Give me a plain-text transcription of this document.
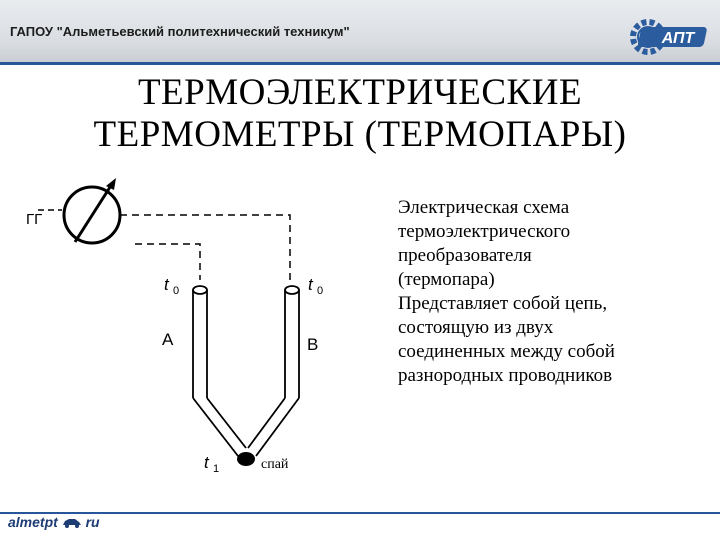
ГАПОУ "Альметьевский политехнический техникум"	АПТ
ТЕРМОЭЛЕКТРИЧЕСКИЕ
ТЕРМОМЕТРЫ (ТЕРМОПАРЫ)
ГГ
t 0	t 0
A	B
t 1	спай
Электрическая схема
термоэлектрического
преобразователя
(термопара)
Представляет собой цепь,
состоящую из двух
соединенных между собой
разнородных проводников
almetpt ru
